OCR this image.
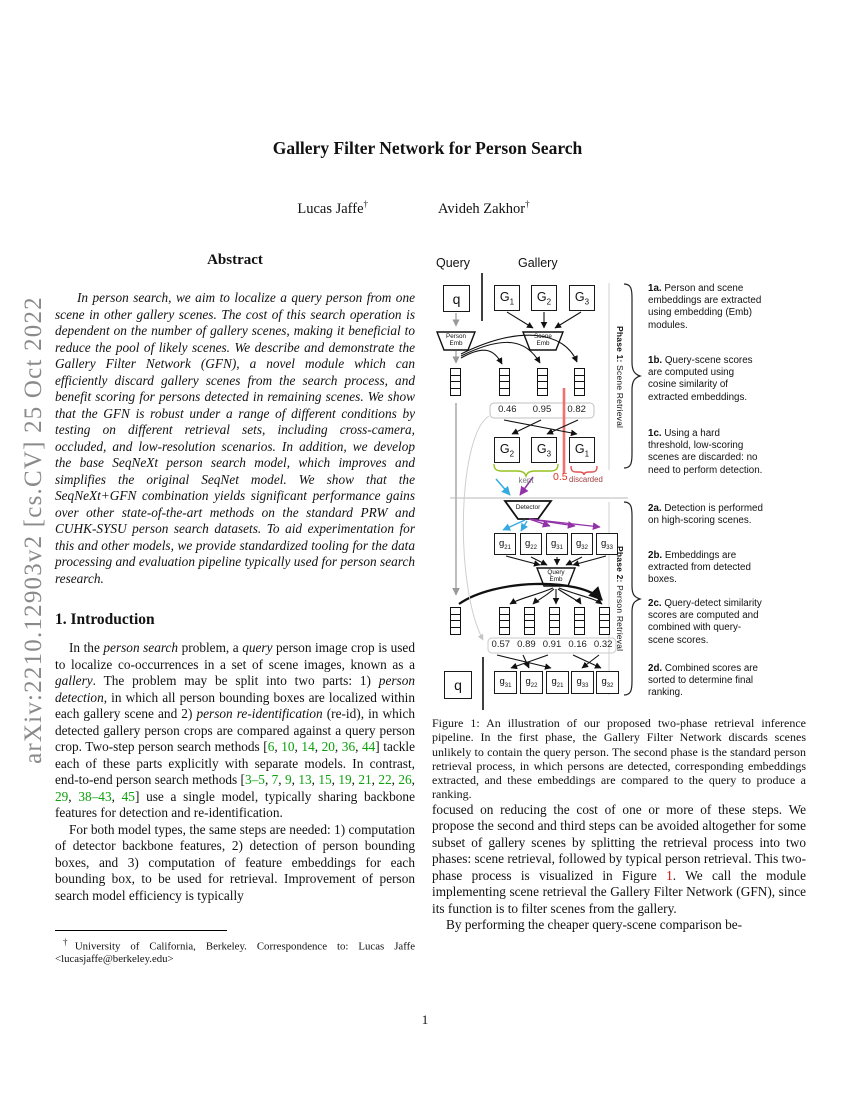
arXiv:2210.12903v2 [cs.CV] 25 Oct 2022
Gallery Filter Network for Person Search
Lucas Jaffe†	Avideh Zakhor†
Abstract

In person search, we aim to localize a query person from one scene in other gallery scenes. The cost of this search operation is dependent on the number of gallery scenes, making it beneficial to reduce the pool of likely scenes. We describe and demonstrate the Gallery Filter Network (GFN), a novel module which can efficiently discard gallery scenes from the search process, and benefit scoring for persons detected in remaining scenes. We show that the GFN is robust under a range of different conditions by testing on different retrieval sets, including cross-camera, occluded, and low-resolution scenarios. In addition, we develop the base SeqNeXt person search model, which improves and simplifies the original SeqNet model. We show that the SeqNeXt+GFN combination yields significant performance gains over other state-of-the-art methods on the standard PRW and CUHK-SYSU person search datasets. To aid experimentation for this and other models, we provide standardized tooling for the data processing and evaluation pipeline typically used for person search research.

1. Introduction

In the person search problem, a query person image crop is used to localize co-occurrences in a set of scene images, known as a gallery. The problem may be split into two parts: 1) person detection, in which all person bounding boxes are localized within each gallery scene and 2) person re-identification (re-id), in which detected gallery person crops are compared against a query person crop. Two-step person search methods [6, 10, 14, 20, 36, 44] tackle each of these parts explicitly with separate models. In contrast, end-to-end person search methods [3–5, 7, 9, 13, 15, 19, 21, 22, 26, 29, 38–43, 45] use a single model, typically sharing backbone features for detection and re-identification.

For both model types, the same steps are needed: 1) computation of detector backbone features, 2) detection of person bounding boxes, and 3) computation of feature embeddings for each bounding box, to be used for retrieval. Improvement of person search model efficiency is typically

†University of California, Berkeley. Correspondence to: Lucas Jaffe <lucasjaffe@berkeley.edu>

Query	Gallery
q	$G_1$ $G_2$ $G_3$
Person
Emb
Scene
Emb
0.46 0.95 0.82
$G_2$ $G_3$ $G_1$
kept	0.5 discarded
Detector
$g_{21}$ $g_{22}$ $g_{31}$ $g_{32}$ $g_{33}$
Query
Emb
0.57 0.89 0.91 0.16 0.32
q	$g_{31}$ $g_{22}$ $g_{21}$ $g_{33}$ $g_{32}$
Phase 1: Scene Retrieval
Phase 2: Person Retrieval
1a. Person and scene embeddings are extracted using embedding (Emb) modules.
1b. Query-scene scores are computed using cosine similarity of extracted embeddings.
1c. Using a hard threshold, low-scoring scenes are discarded: no need to perform detection.
2a. Detection is performed on high-scoring scenes.
2b. Embeddings are extracted from detected boxes.
2c. Query-detect similarity scores are computed and combined with query-scene scores.
2d. Combined scores are sorted to determine final ranking.

Figure 1: An illustration of our proposed two-phase retrieval inference pipeline. In the first phase, the Gallery Filter Network discards scenes unlikely to contain the query person. The second phase is the standard person retrieval process, in which persons are detected, corresponding embeddings extracted, and these embeddings are compared to the query to produce a ranking.

focused on reducing the cost of one or more of these steps. We propose the second and third steps can be avoided altogether for some subset of gallery scenes by splitting the retrieval process into two phases: scene retrieval, followed by typical person retrieval. This two-phase process is visualized in Figure 1. We call the module implementing scene retrieval the Gallery Filter Network (GFN), since its function is to filter scenes from the gallery.

By performing the cheaper query-scene comparison be-

1
